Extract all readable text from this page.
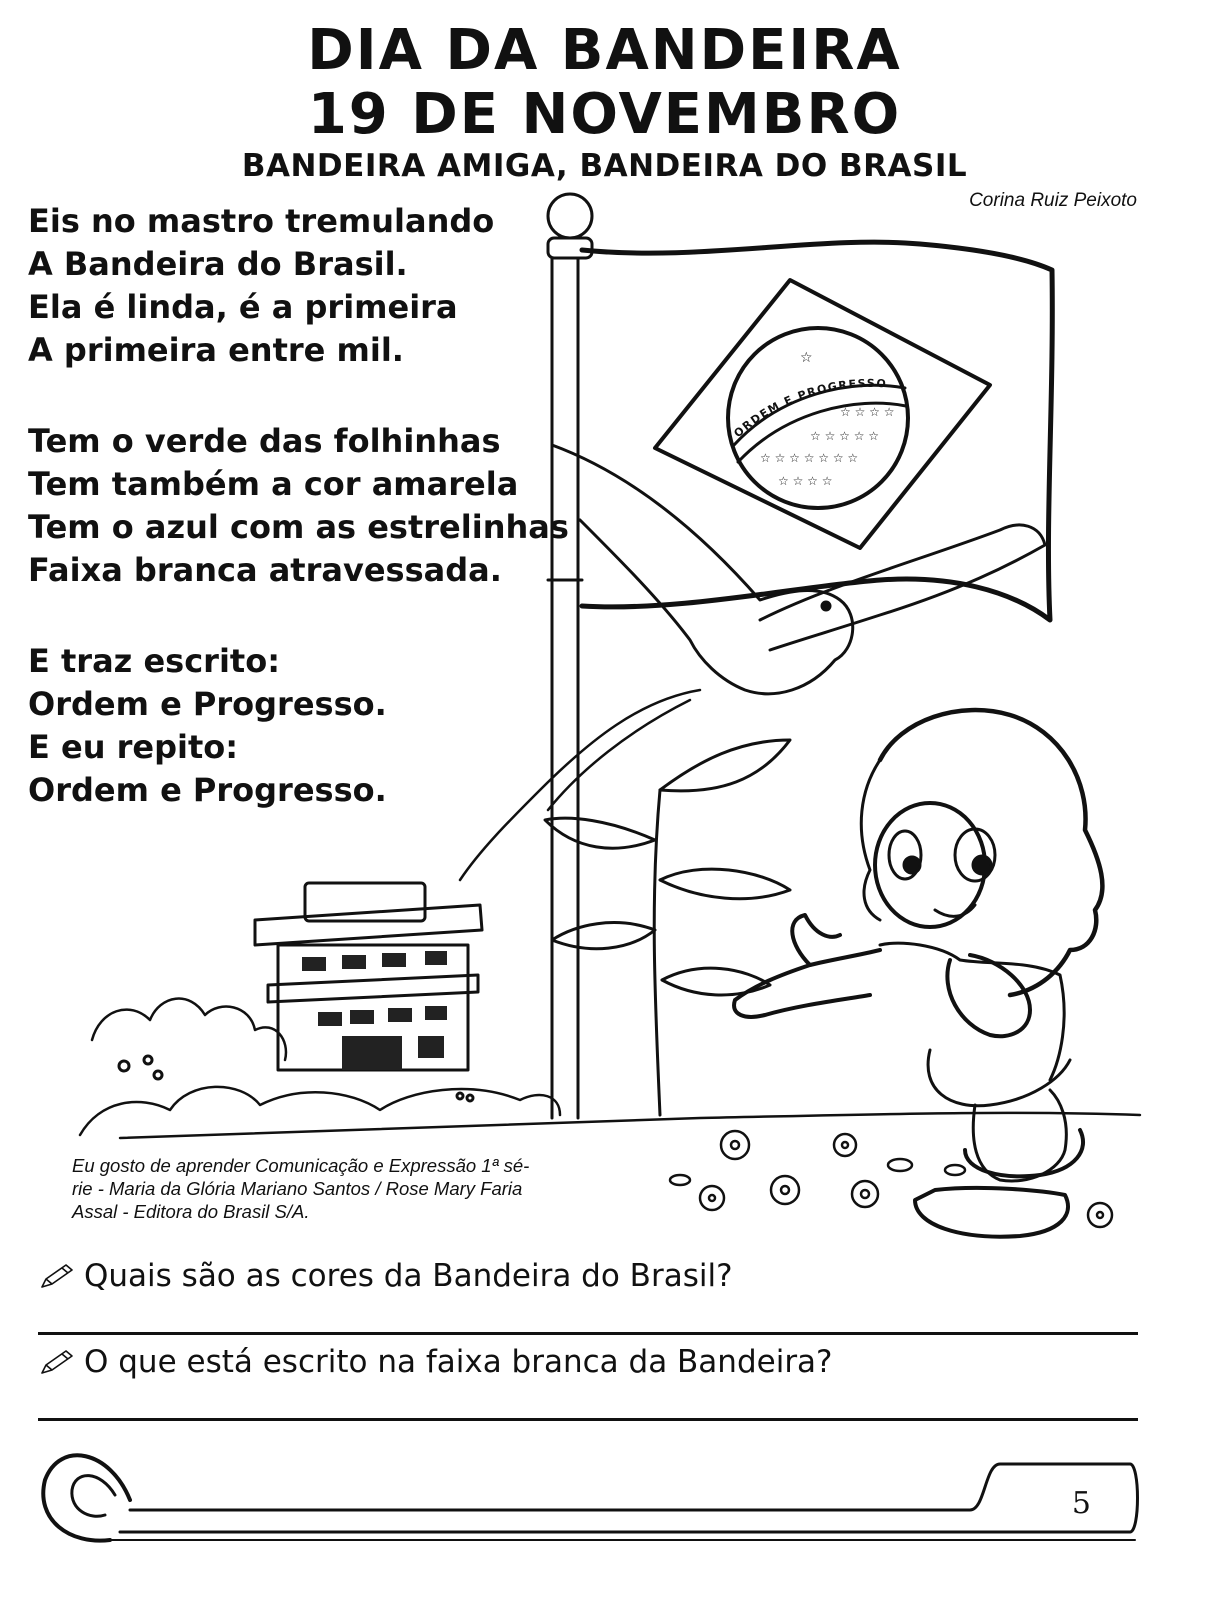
DIA DA BANDEIRA
19 DE NOVEMBRO
BANDEIRA AMIGA, BANDEIRA DO BRASIL
Corina Ruiz Peixoto
ORDEM E PROGRESSO
☆
☆ ☆ ☆ ☆
☆ ☆ ☆ ☆ ☆
☆ ☆ ☆ ☆ ☆ ☆ ☆
☆ ☆ ☆ ☆
Eis no mastro tremulando
A Bandeira do Brasil.
Ela é linda, é a primeira
A primeira entre mil.
Tem o verde das folhinhas
Tem também a cor amarela
Tem o azul com as estrelinhas
Faixa branca atravessada.
E traz escrito:
Ordem e Progresso.
E eu repito:
Ordem e Progresso.
Eu gosto de aprender Comunicação e Expressão 1ª sé-
rie - Maria da Glória Mariano Santos / Rose Mary Faria
Assal - Editora do Brasil S/A.
Quais são as cores da Bandeira do Brasil?
O que está escrito na faixa branca da Bandeira?
5
